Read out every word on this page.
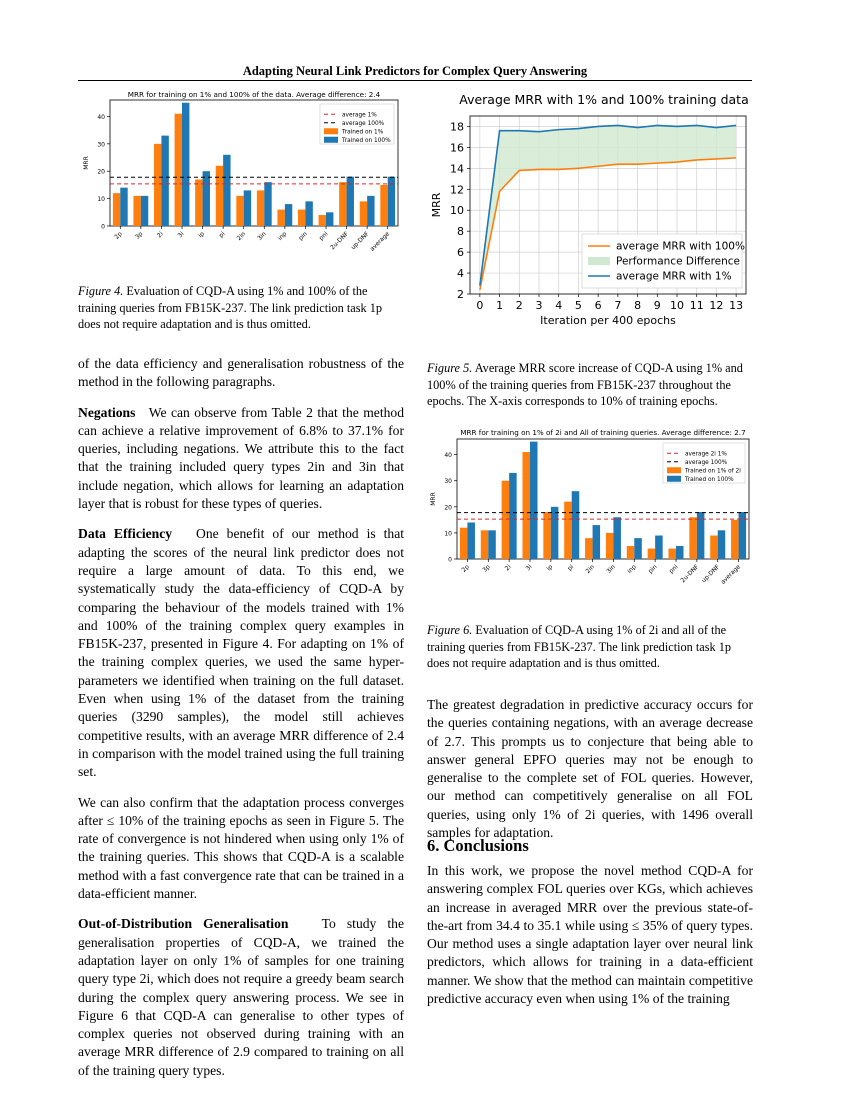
Adapting Neural Link Predictors for Complex Query Answering
MRR for training on 1% and 100% of the data. Average difference: 2.4
0
10
20
30
40
MRR
2p 3p 2i 3i ip pi 2in 3in inp pin pni 2u-DNF up-DNF
average
average 1%
average 100%
Trained on 1%
Trained on 100%
Figure 4. Evaluation of CQD-A using 1% and 100% of the training queries from FB15K-237. The link prediction task 1p does not require adaptation and is thus omitted.
Average MRR with 1% and 100% training data
2
4
6
8
10
12
14
16
18
0 1 2 3 4 5 6 7 8 9 10 11 12 13
MRR
Iteration per 400 epochs
average MRR with 100%
Performance Difference
average MRR with 1%
Figure 5. Average MRR score increase of CQD-A using 1% and 100% of the training queries from FB15K-237 throughout the epochs. The X-axis corresponds to 10% of training epochs.
MRR for training on 1% of 2i and All of training queries. Average difference: 2.7
0
10
20
30
40
MRR
2p 3p 2i 3i ip pi 2in 3in inp pin pni 2u-DNF up-DNF
average
average 2i 1%
average 100%
Trained on 1% of 2i
Trained on 100%
Figure 6. Evaluation of CQD-A using 1% of 2i and all of the training queries from FB15K-237. The link prediction task 1p does not require adaptation and is thus omitted.

of the data efficiency and generalisation robustness of the method in the following paragraphs.

Negations We can observe from Table 2 that the method can achieve a relative improvement of 6.8% to 37.1% for queries, including negations. We attribute this to the fact that the training included query types 2in and 3in that include negation, which allows for learning an adaptation layer that is robust for these types of queries.

Data Efficiency One benefit of our method is that adapting the scores of the neural link predictor does not require a large amount of data. To this end, we systematically study the data-efficiency of CQD-A by comparing the behaviour of the models trained with 1% and 100% of the training complex query examples in FB15K-237, presented in Figure 4. For adapting on 1% of the training complex queries, we used the same hyper-parameters we identified when training on the full dataset. Even when using 1% of the dataset from the training queries (3290 samples), the model still achieves competitive results, with an average MRR difference of 2.4 in comparison with the model trained using the full training set.

We can also confirm that the adaptation process converges after ≤ 10% of the training epochs as seen in Figure 5. The rate of convergence is not hindered when using only 1% of the training queries. This shows that CQD-A is a scalable method with a fast convergence rate that can be trained in a data-efficient manner.

Out-of-Distribution Generalisation To study the generalisation properties of CQD-A, we trained the adaptation layer on only 1% of samples for one training query type 2i, which does not require a greedy beam search during the complex query answering process. We see in Figure 6 that CQD-A can generalise to other types of complex queries not observed during training with an average MRR difference of 2.9 compared to training on all of the training query types.

The greatest degradation in predictive accuracy occurs for the queries containing negations, with an average decrease of 2.7. This prompts us to conjecture that being able to answer general EPFO queries may not be enough to generalise to the complete set of FOL queries. However, our method can competitively generalise on all FOL queries, using only 1% of 2i queries, with 1496 overall samples for adaptation.

6. Conclusions

In this work, we propose the novel method CQD-A for answering complex FOL queries over KGs, which achieves an increase in averaged MRR over the previous state-of-the-art from 34.4 to 35.1 while using ≤ 35% of query types. Our method uses a single adaptation layer over neural link predictors, which allows for training in a data-efficient manner. We show that the method can maintain competitive predictive accuracy even when using 1% of the training
